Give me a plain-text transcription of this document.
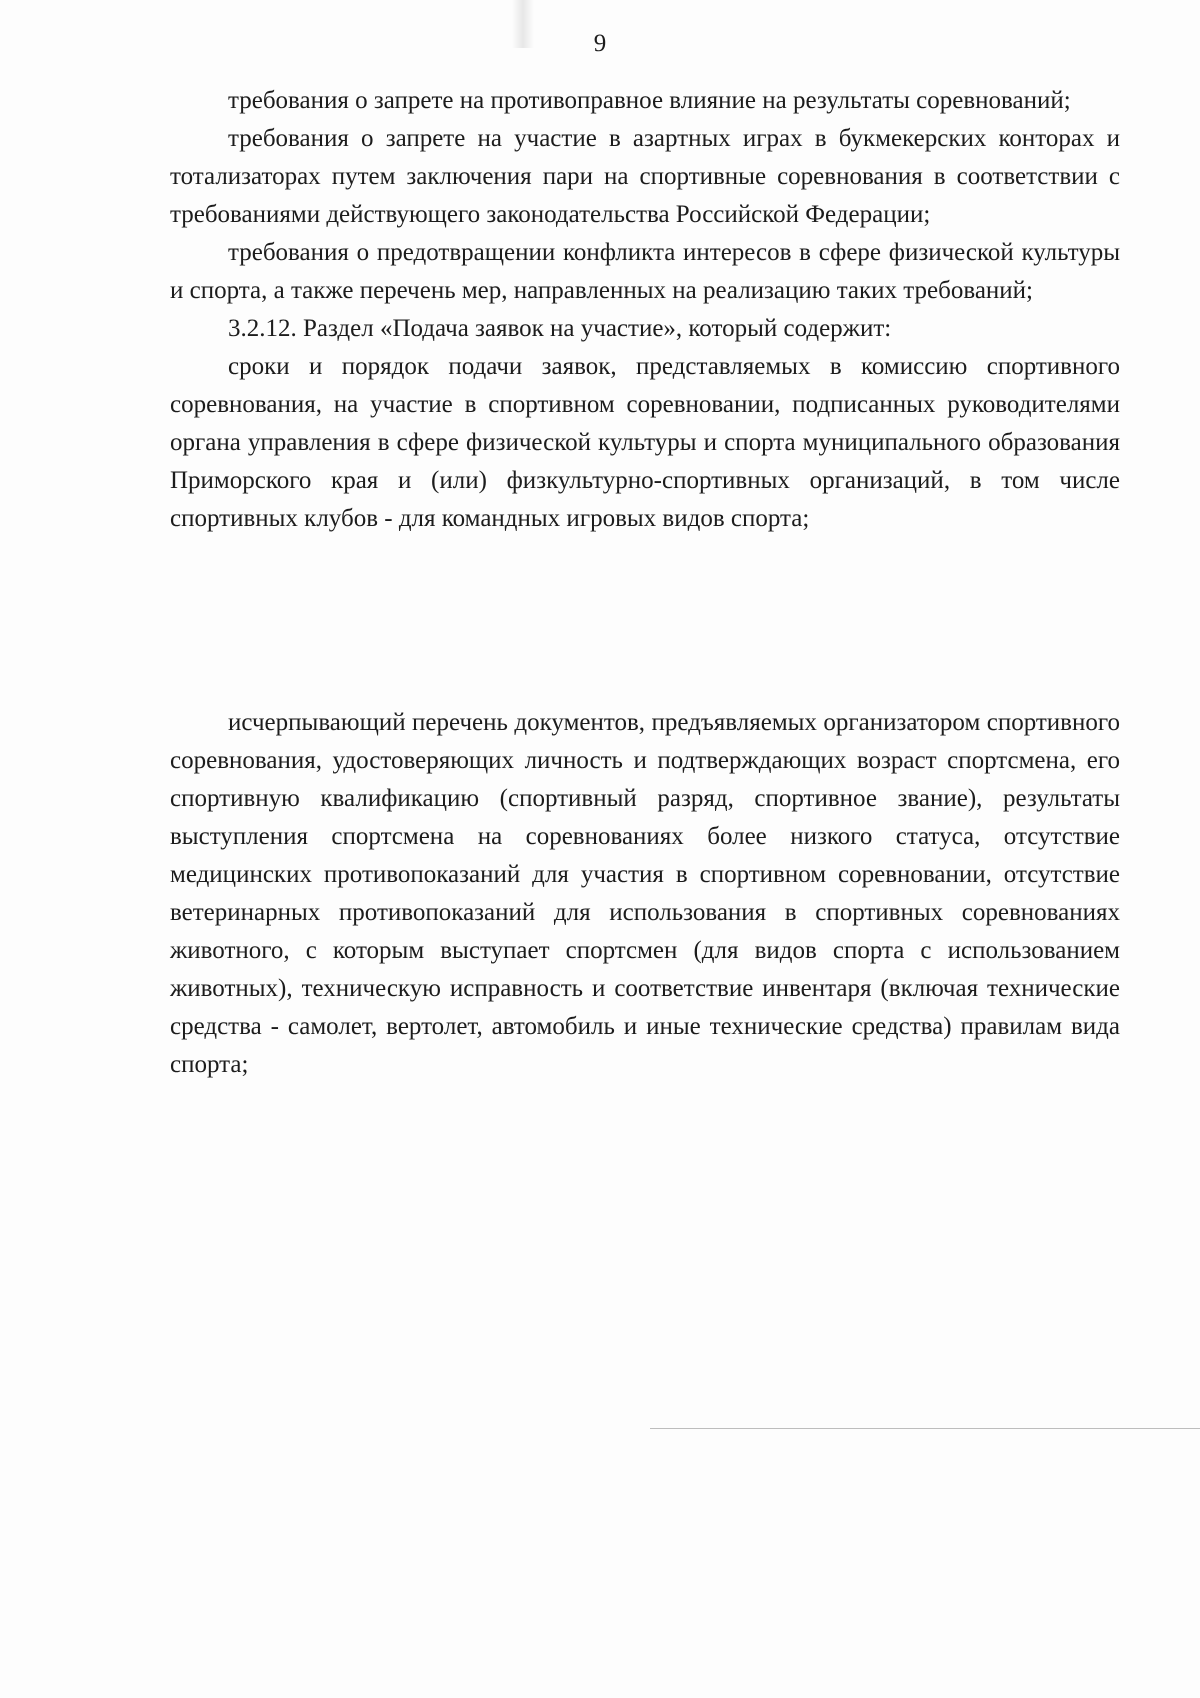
9

требования о запрете на противоправное влияние на результаты соревнований;

требования о запрете на участие в азартных играх в букмекерских конторах и тотализаторах путем заключения пари на спортивные соревнования в соответствии с требованиями действующего законодательства Российской Федерации;

требования о предотвращении конфликта интересов в сфере физической культуры и спорта, а также перечень мер, направленных на реализацию таких требований;

3.2.12. Раздел «Подача заявок на участие», который содержит:

сроки и порядок подачи заявок, представляемых в комиссию спортивного соревнования, на участие в спортивном соревновании, подписанных руководителями органа управления в сфере физической культуры и спорта муниципального образования Приморского края и (или) физкультурно-спортивных организаций, в том числе спортивных клубов - для командных игровых видов спорта;

исчерпывающий перечень документов, предъявляемых организатором спортивного соревнования, удостоверяющих личность и подтверждающих возраст спортсмена, его спортивную квалификацию (спортивный разряд, спортивное звание), результаты выступления спортсмена на соревнованиях более низкого статуса, отсутствие медицинских противопоказаний для участия в спортивном соревновании, отсутствие ветеринарных противопоказаний для использования в спортивных соревнованиях животного, с которым выступает спортсмен (для видов спорта с использованием животных), техническую исправность и соответствие инвентаря (включая технические средства - самолет, вертолет, автомобиль и иные технические средства) правилам вида спорта;
